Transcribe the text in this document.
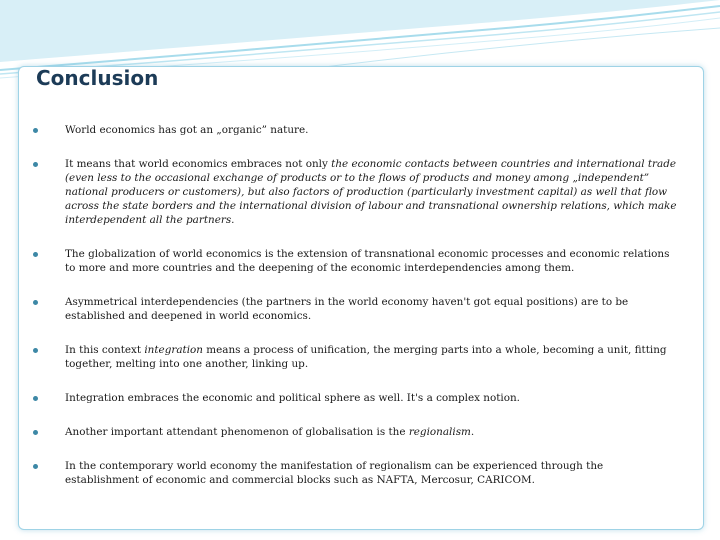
Conclusion
World economics has got an „organic” nature.
It means that world economics embraces not only the economic contacts between countries and international trade (even less to the occasional exchange of products or to the flows of products and money among „independent” national producers or customers), but also factors of production (particularly investment capital) as well that flow across the state borders and the international division of labour and transnational ownership relations, which make interdependent all the partners.
The globalization of world economics is the extension of transnational economic processes and economic relations to more and more countries and the deepening of the economic interdependencies among them.
Asymmetrical interdependencies (the partners in the world economy haven't got equal positions) are to be established and deepened in world economics.
In this context integration means a process of unification, the merging parts into a whole, becoming a unit, fitting together, melting into one another, linking up.
Integration embraces the economic and political sphere as well. It's a complex notion.
Another important attendant phenomenon of globalisation is the regionalism.
In the contemporary world economy the manifestation of regionalism can be experienced through the establishment of economic and commercial blocks such as NAFTA, Mercosur, CARICOM.
